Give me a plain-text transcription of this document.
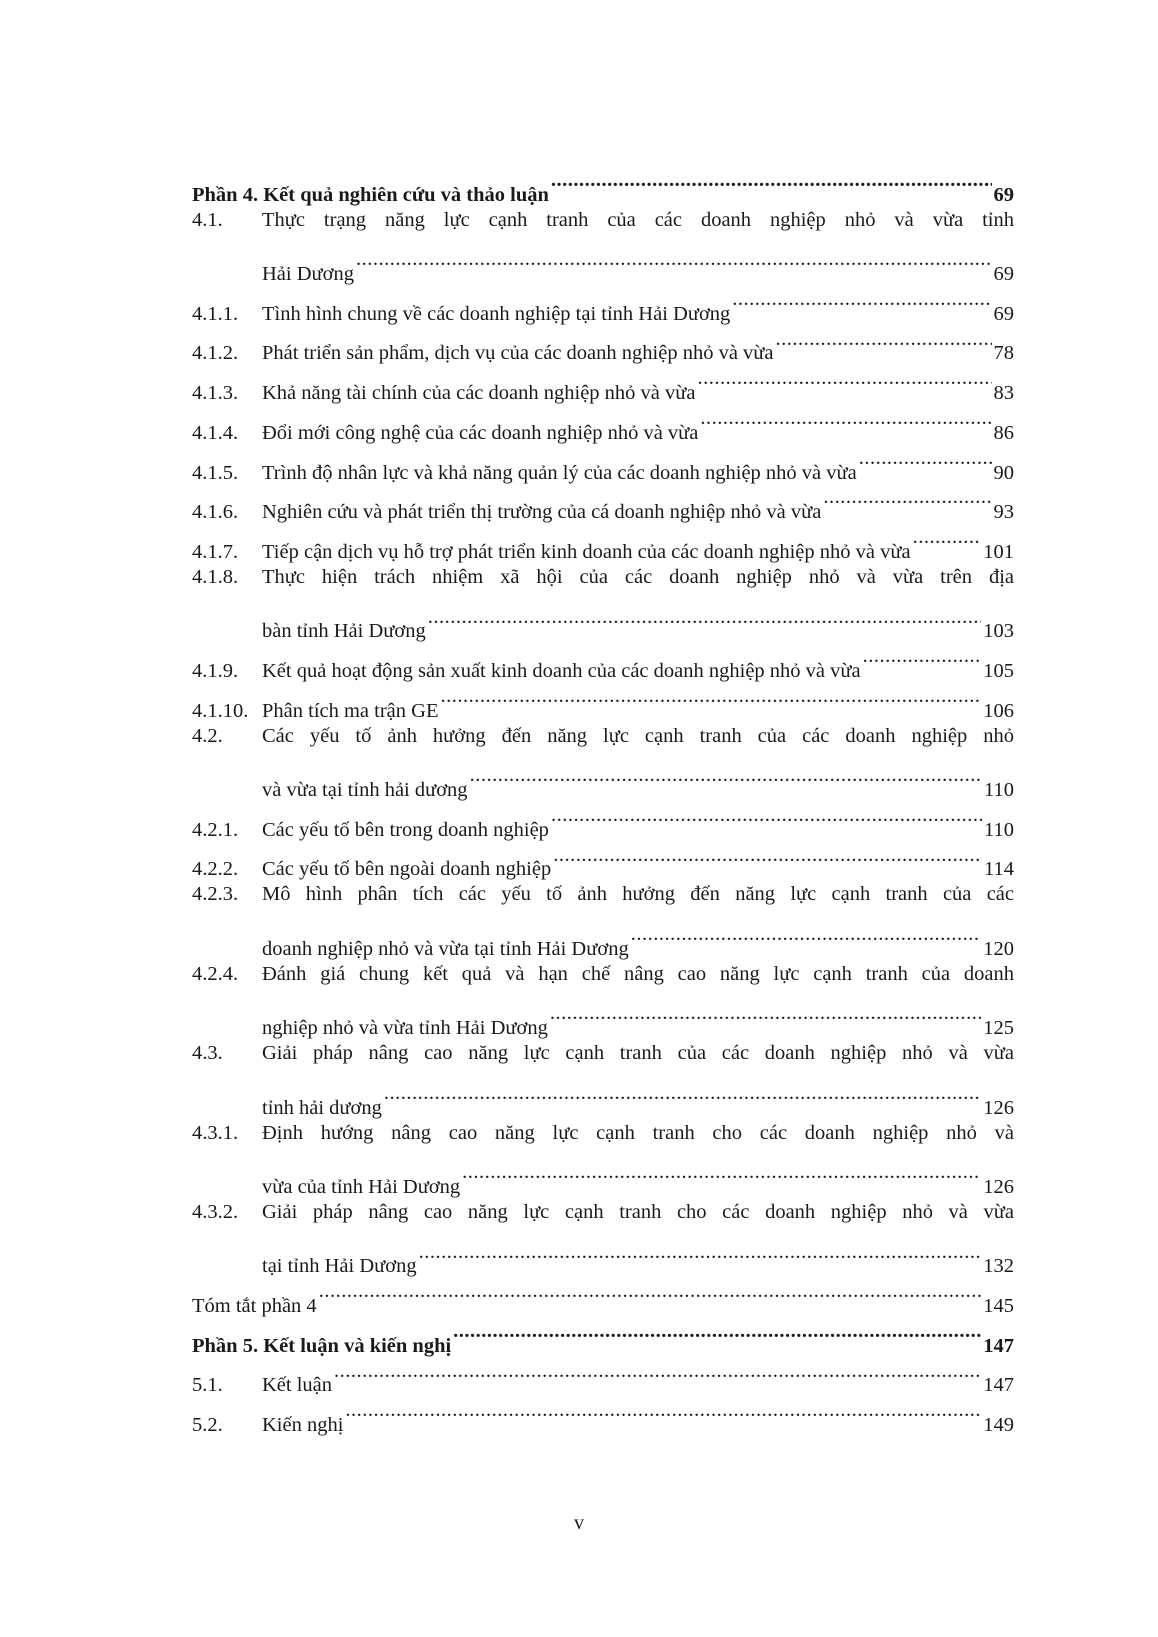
Phần 4. Kết quả nghiên cứu và thảo luận .....	69
4.1.	Thực trạng năng lực cạnh tranh của các doanh nghiệp nhỏ và vừa tỉnh
Hải Dương .....	69
4.1.1.	Tình hình chung về các doanh nghiệp tại tỉnh Hải Dương .....	69
4.1.2.	Phát triển sản phẩm, dịch vụ của các doanh nghiệp nhỏ và vừa .....	78
4.1.3.	Khả năng tài chính của các doanh nghiệp nhỏ và vừa .....	83
4.1.4.	Đổi mới công nghệ của các doanh nghiệp nhỏ và vừa .....	86
4.1.5.	Trình độ nhân lực và khả năng quản lý của các doanh nghiệp nhỏ và vừa .....	90
4.1.6.	Nghiên cứu và phát triển thị trường của cá doanh nghiệp nhỏ và vừa .....	93
4.1.7.	Tiếp cận dịch vụ hỗ trợ phát triển kinh doanh của các doanh nghiệp nhỏ và vừa .....	101
4.1.8.	Thực hiện trách nhiệm xã hội của các doanh nghiệp nhỏ và vừa trên địa
bàn tỉnh Hải Dương .....	103
4.1.9.	Kết quả hoạt động sản xuất kinh doanh của các doanh nghiệp nhỏ và vừa .....	105
4.1.10. Phân tích ma trận GE .....	106
4.2.	Các yếu tố ảnh hưởng đến năng lực cạnh tranh của các doanh nghiệp nhỏ
và vừa tại tỉnh hải dương .....	110
4.2.1.	Các yếu tố bên trong doanh nghiệp .....	110
4.2.2.	Các yếu tố bên ngoài doanh nghiệp .....	114
4.2.3.	Mô hình phân tích các yếu tố ảnh hưởng đến năng lực cạnh tranh của các
doanh nghiệp nhỏ và vừa tại tỉnh Hải Dương .....	120
4.2.4.	Đánh giá chung kết quả và hạn chế nâng cao năng lực cạnh tranh của doanh
nghiệp nhỏ và vừa tỉnh Hải Dương .....	125
4.3.	Giải pháp nâng cao năng lực cạnh tranh của các doanh nghiệp nhỏ và vừa
tỉnh hải dương .....	126
4.3.1.	Định hướng nâng cao năng lực cạnh tranh cho các doanh nghiệp nhỏ và
vừa của tỉnh Hải Dương .....	126
4.3.2.	Giải pháp nâng cao năng lực cạnh tranh cho các doanh nghiệp nhỏ và vừa
tại tỉnh Hải Dương .....	132
Tóm tắt phần 4 .....	145
Phần 5. Kết luận và kiến nghị .....	147
5.1.	Kết luận .....	147
5.2.	Kiến nghị .....	149
v
